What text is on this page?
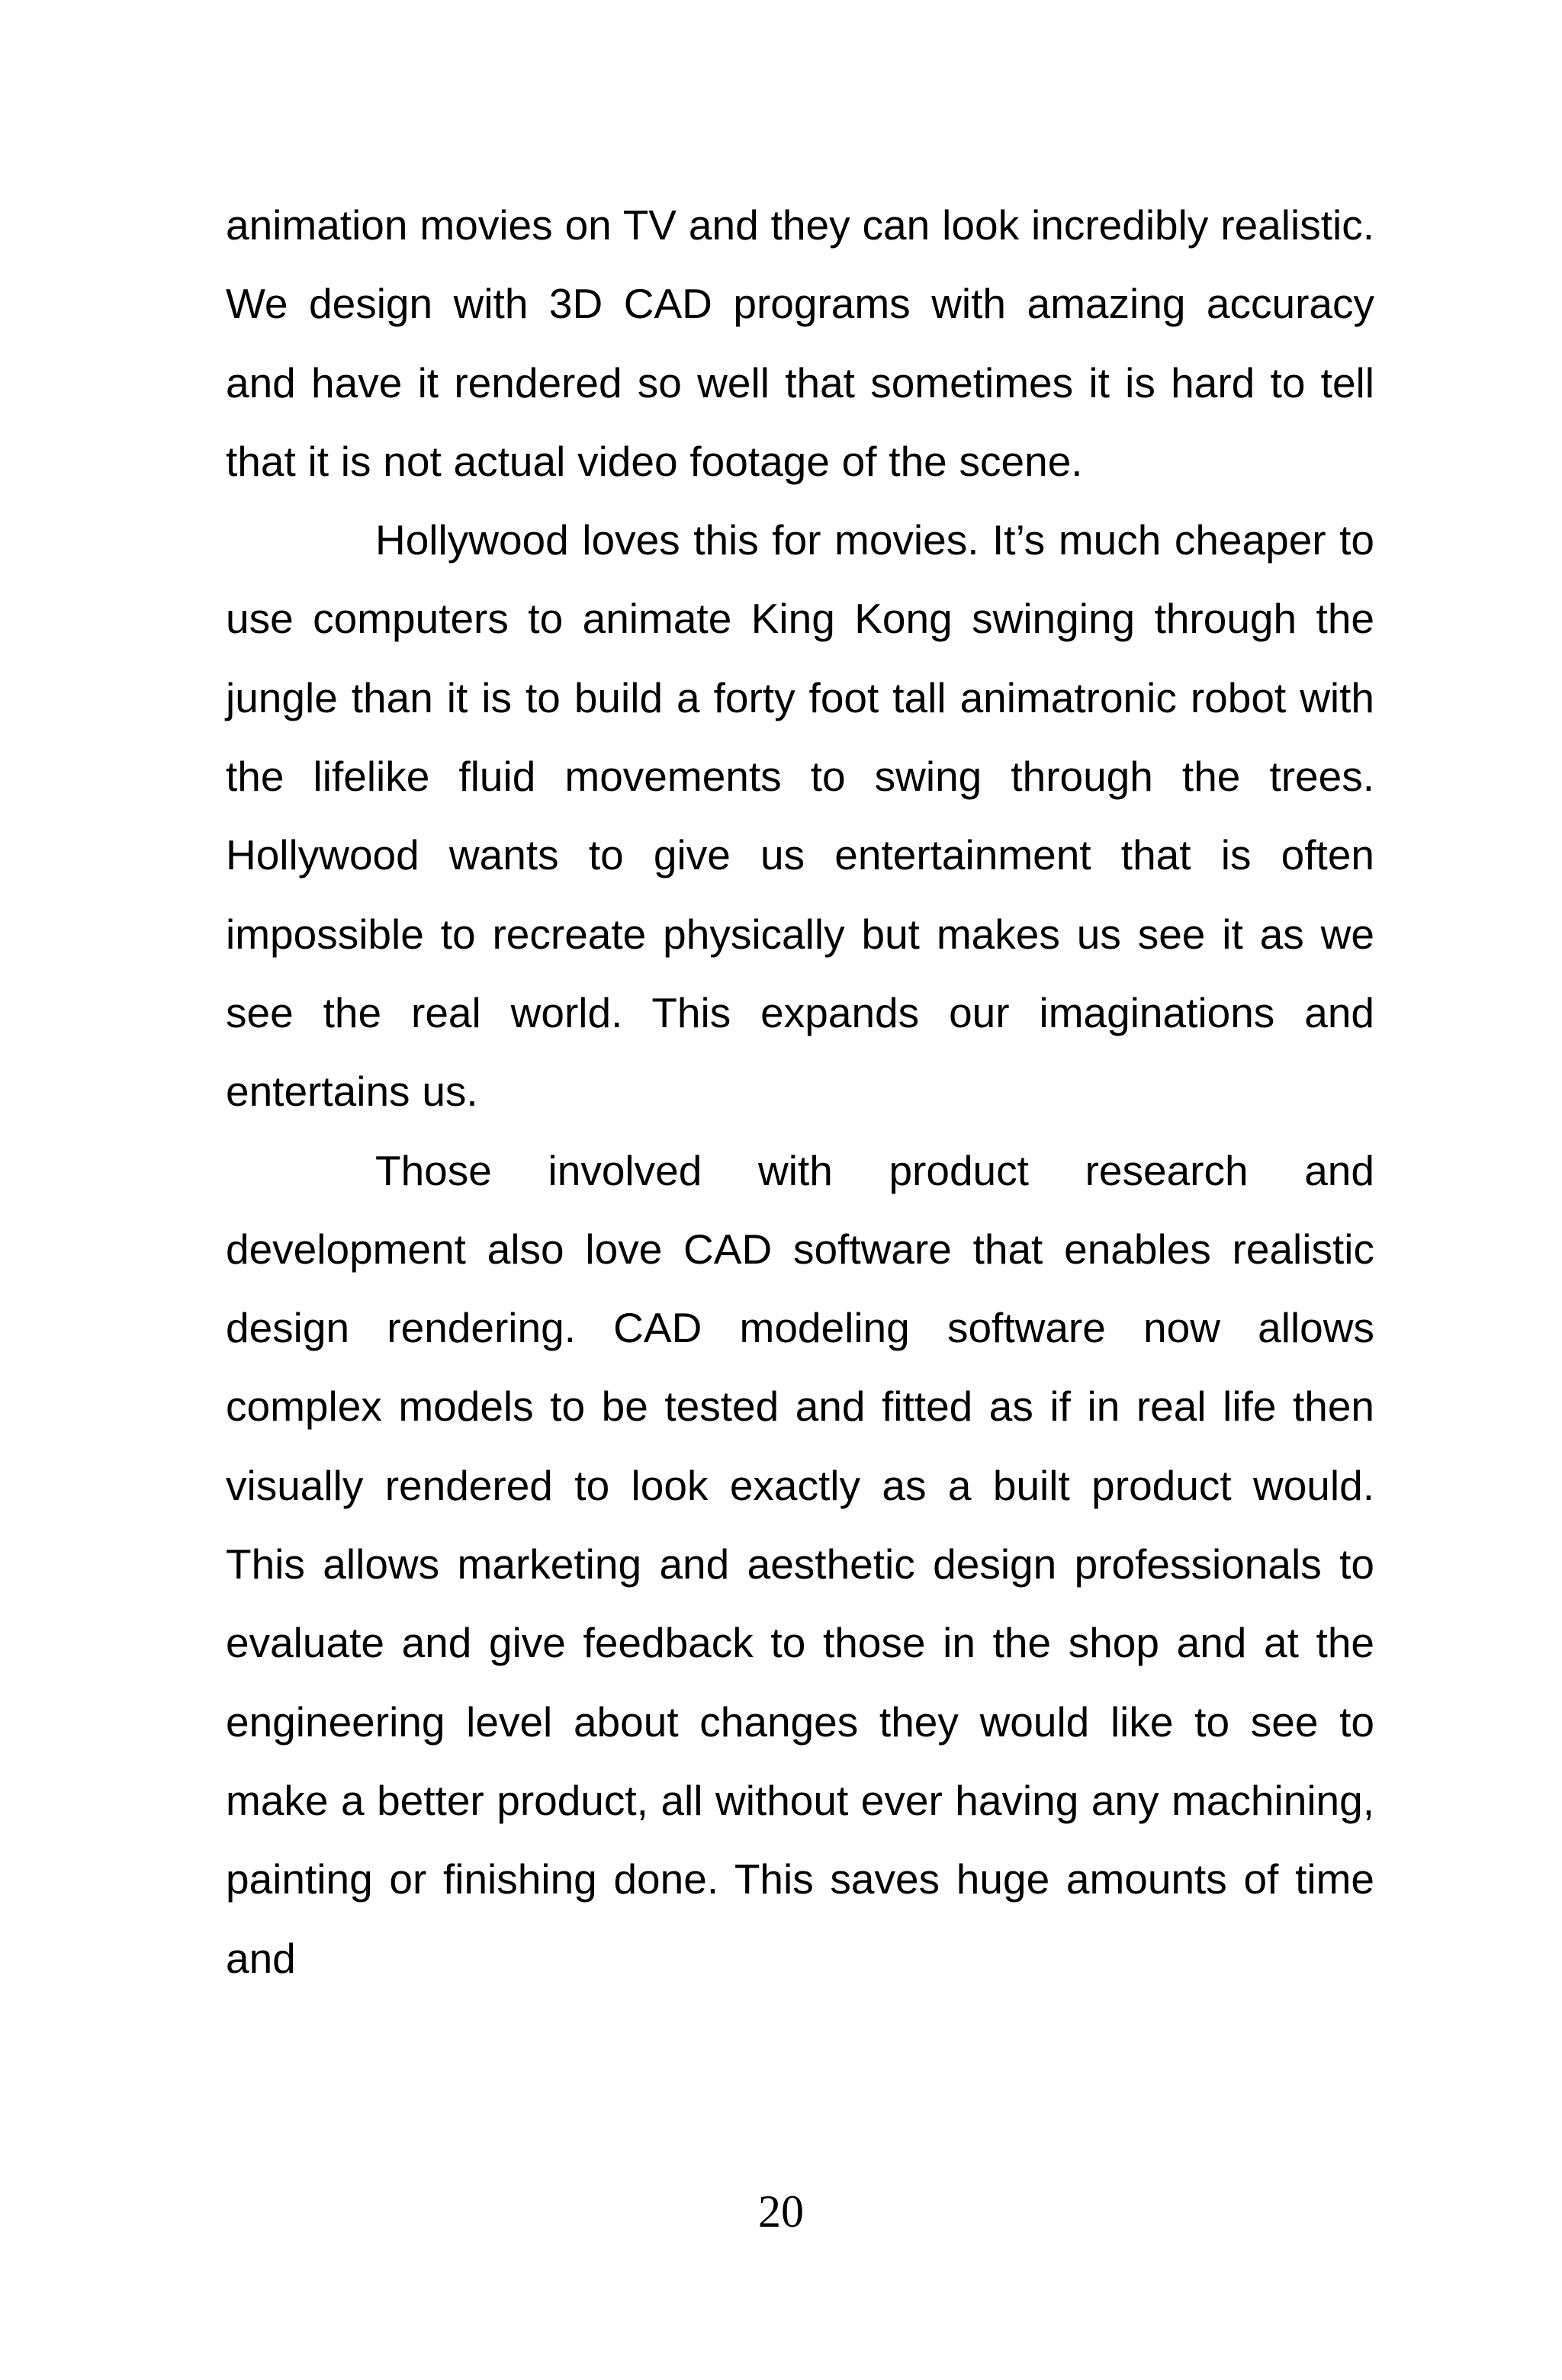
animation movies on TV and they can look incredibly realistic. We design with 3D CAD programs with amazing accuracy and have it rendered so well that sometimes it is hard to tell that it is not actual video footage of the scene.

Hollywood loves this for movies. It’s much cheaper to use computers to animate King Kong swinging through the jungle than it is to build a forty foot tall animatronic robot with the lifelike fluid movements to swing through the trees. Hollywood wants to give us entertainment that is often impossible to recreate physically but makes us see it as we see the real world. This expands our imaginations and entertains us.

Those involved with product research and development also love CAD software that enables realistic design rendering. CAD modeling software now allows complex models to be tested and fitted as if in real life then visually rendered to look exactly as a built product would. This allows marketing and aesthetic design professionals to evaluate and give feedback to those in the shop and at the engineering level about changes they would like to see to make a better product, all without ever having any machining, painting or finishing done. This saves huge amounts of time and

20
